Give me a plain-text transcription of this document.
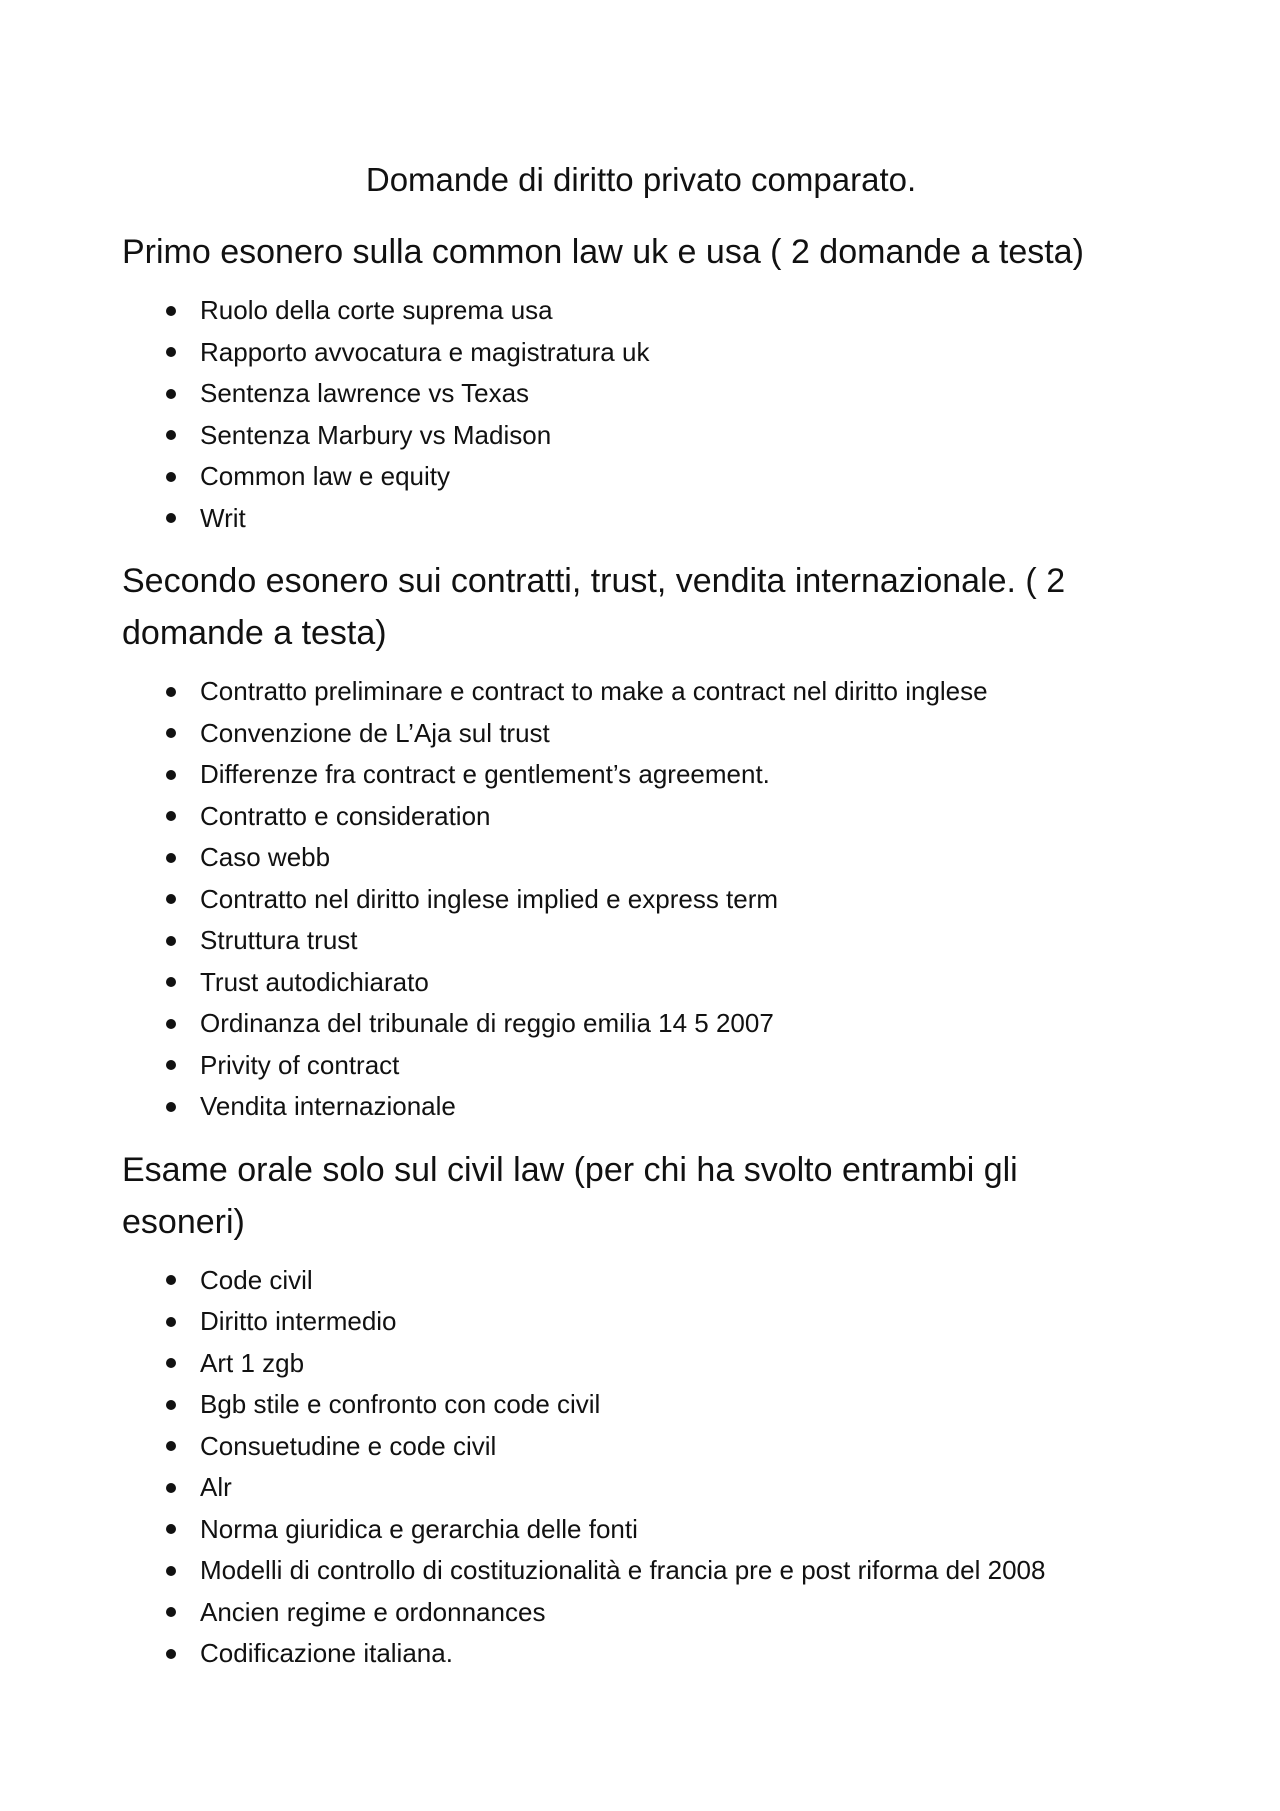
Domande di diritto privato comparato.
Primo esonero sulla common law uk e usa ( 2 domande a testa)
Ruolo della corte suprema usa
Rapporto avvocatura e magistratura uk
Sentenza lawrence vs Texas
Sentenza Marbury vs Madison
Common law e equity
Writ
Secondo esonero sui contratti, trust, vendita internazionale. ( 2 domande a testa)
Contratto preliminare e contract to make a contract nel diritto inglese
Convenzione de L’Aja sul trust
Differenze fra contract e gentlement’s agreement.
Contratto e consideration
Caso webb
Contratto nel diritto inglese implied e express term
Struttura trust
Trust autodichiarato
Ordinanza del tribunale di reggio emilia 14 5 2007
Privity of contract
Vendita internazionale
Esame orale solo sul civil law (per chi ha svolto entrambi gli esoneri)
Code civil
Diritto intermedio
Art 1 zgb
Bgb stile e confronto con code civil
Consuetudine e code civil
Alr
Norma giuridica e gerarchia delle fonti
Modelli di controllo di costituzionalità e francia pre e post riforma del 2008
Ancien regime e ordonnances
Codificazione italiana.
